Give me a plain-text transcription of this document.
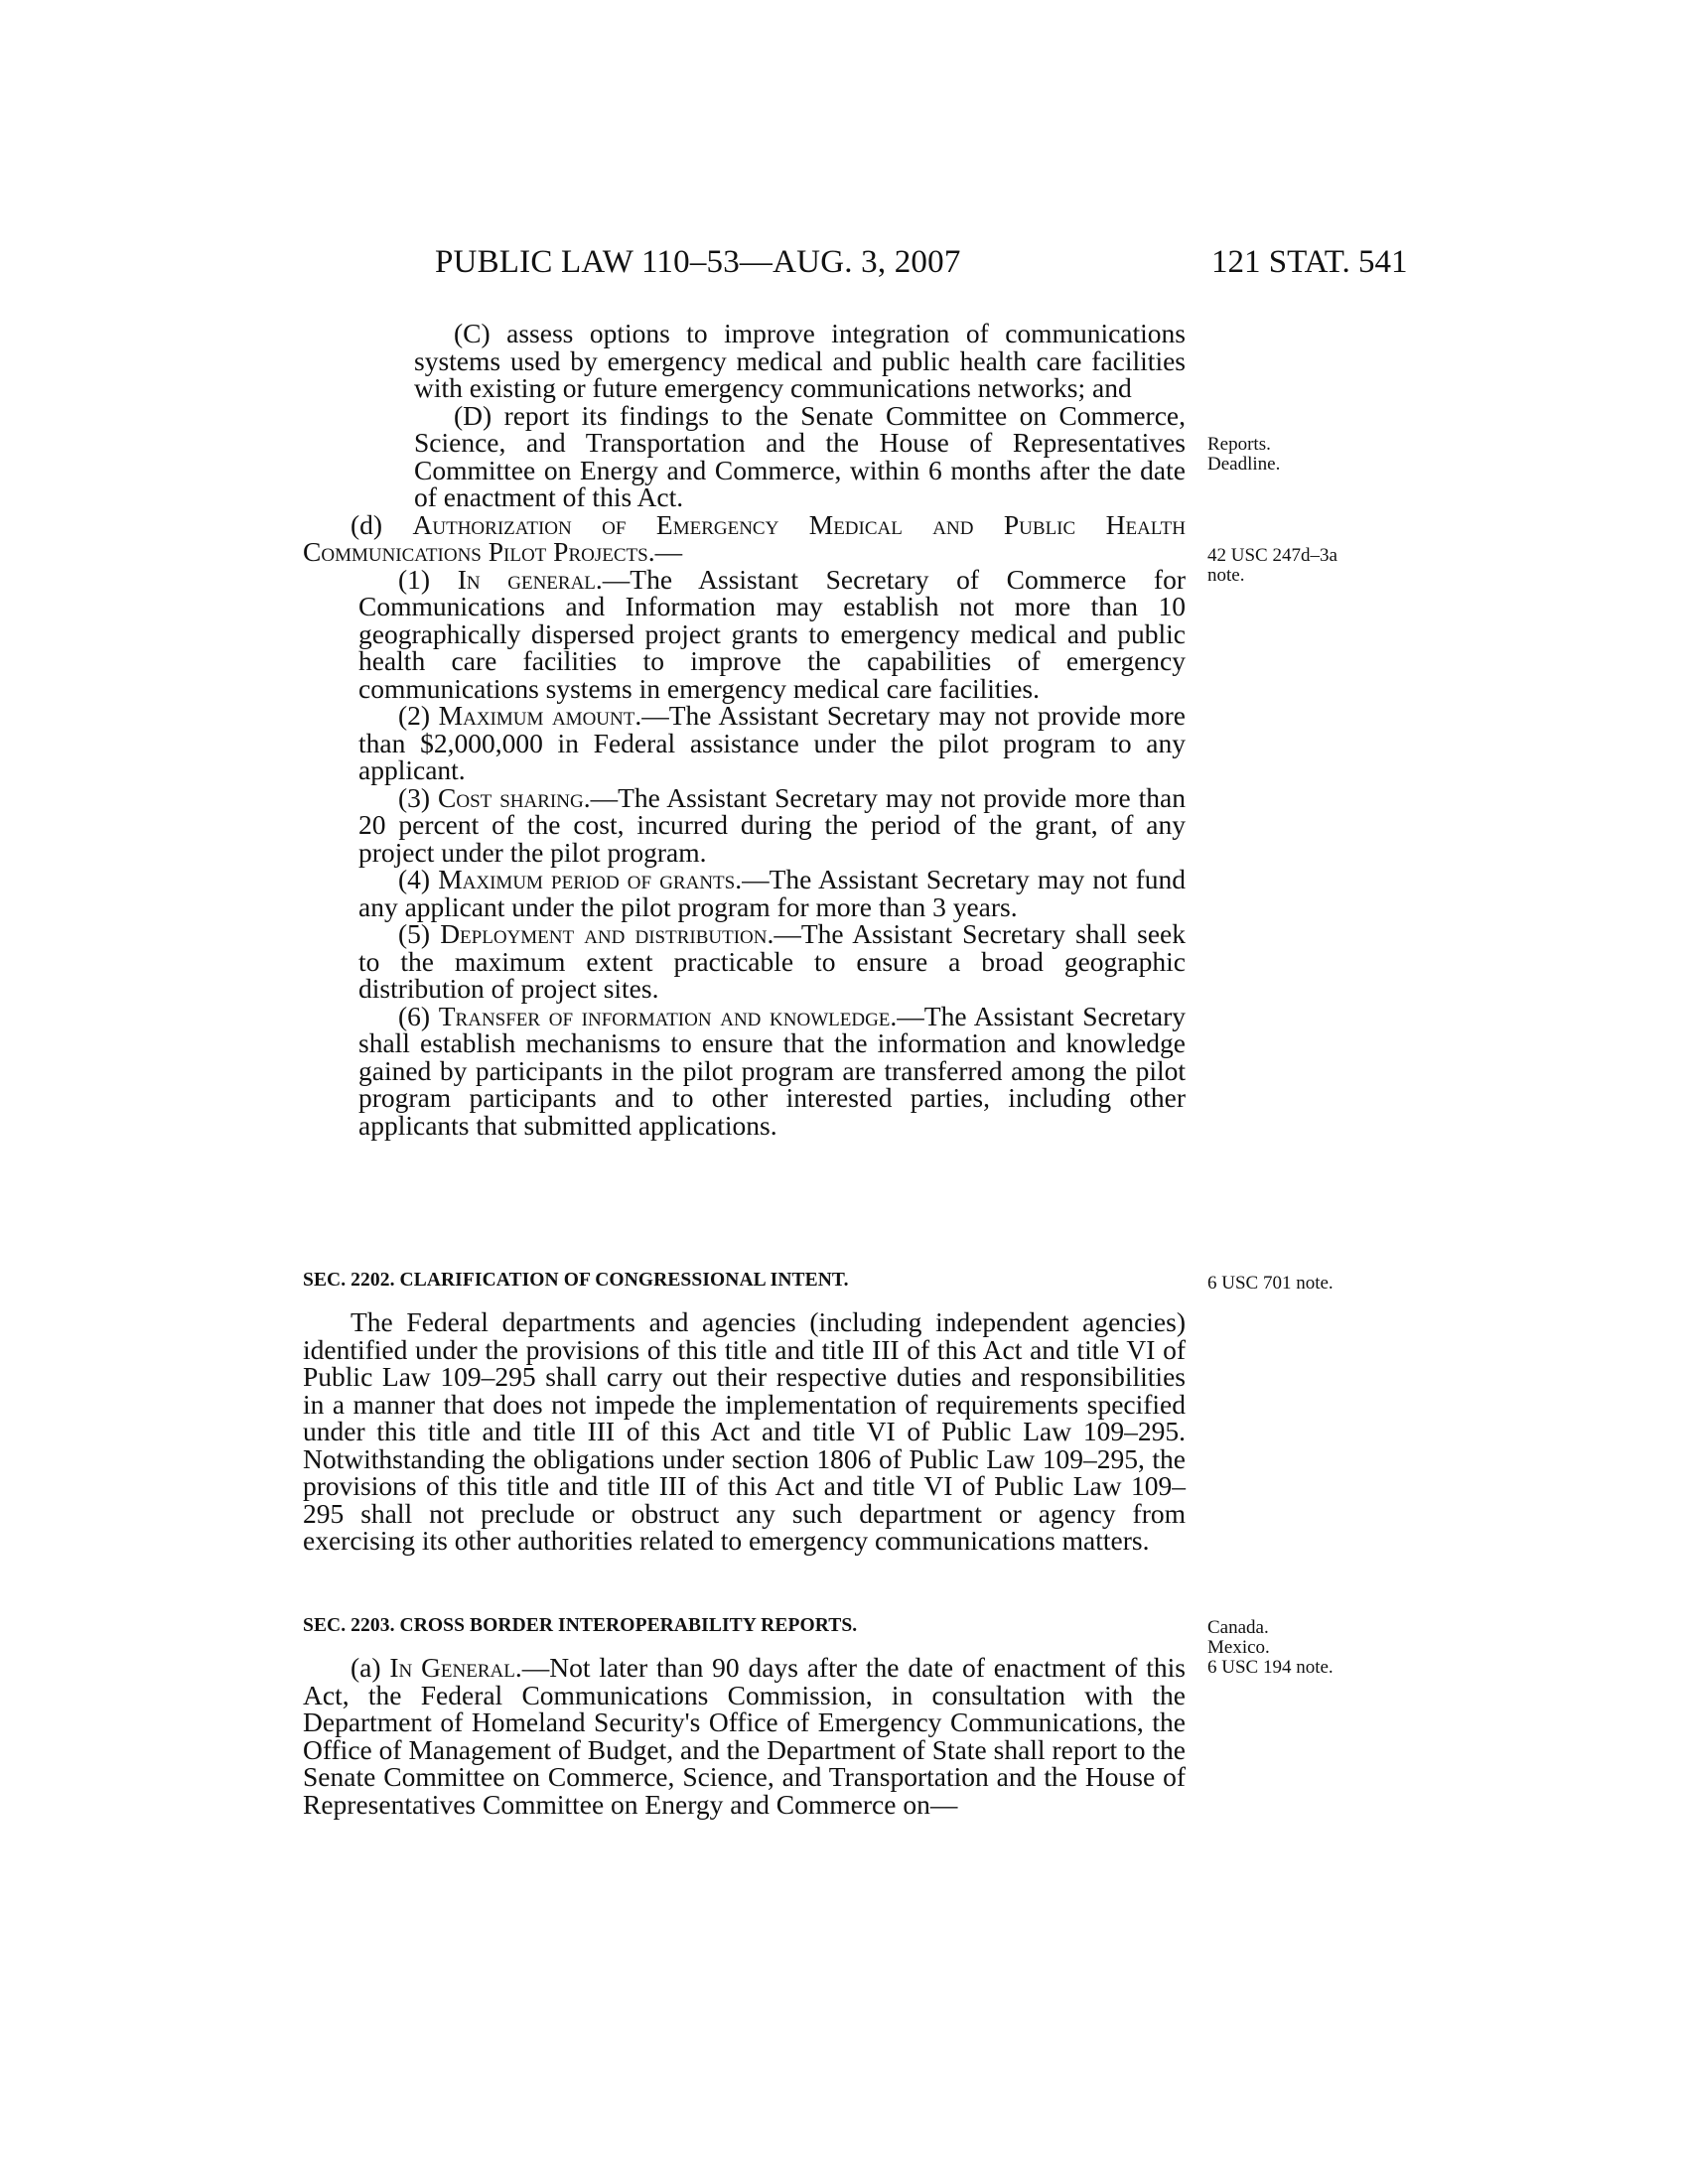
PUBLIC LAW 110–53—AUG. 3, 2007	121 STAT. 541

(C) assess options to improve integration of communications systems used by emergency medical and public health care facilities with existing or future emergency communications networks; and

(D) report its findings to the Senate Committee on Commerce, Science, and Transportation and the House of Representatives Committee on Energy and Commerce, within 6 months after the date of enactment of this Act.

(d) Authorization of Emergency Medical and Public Health Communications Pilot Projects.—

(1) In general.—The Assistant Secretary of Commerce for Communications and Information may establish not more than 10 geographically dispersed project grants to emergency medical and public health care facilities to improve the capabilities of emergency communications systems in emergency medical care facilities.

(2) Maximum amount.—The Assistant Secretary may not provide more than $2,000,000 in Federal assistance under the pilot program to any applicant.

(3) Cost sharing.—The Assistant Secretary may not provide more than 20 percent of the cost, incurred during the period of the grant, of any project under the pilot program.

(4) Maximum period of grants.—The Assistant Secretary may not fund any applicant under the pilot program for more than 3 years.

(5) Deployment and distribution.—The Assistant Secretary shall seek to the maximum extent practicable to ensure a broad geographic distribution of project sites.

(6) Transfer of information and knowledge.—The Assistant Secretary shall establish mechanisms to ensure that the information and knowledge gained by participants in the pilot program are transferred among the pilot program participants and to other interested parties, including other applicants that submitted applications.

SEC. 2202. CLARIFICATION OF CONGRESSIONAL INTENT.

The Federal departments and agencies (including independent agencies) identified under the provisions of this title and title III of this Act and title VI of Public Law 109–295 shall carry out their respective duties and responsibilities in a manner that does not impede the implementation of requirements specified under this title and title III of this Act and title VI of Public Law 109–295. Notwithstanding the obligations under section 1806 of Public Law 109–295, the provisions of this title and title III of this Act and title VI of Public Law 109–295 shall not preclude or obstruct any such department or agency from exercising its other authorities related to emergency communications matters.

SEC. 2203. CROSS BORDER INTEROPERABILITY REPORTS.

(a) In General.—Not later than 90 days after the date of enactment of this Act, the Federal Communications Commission, in consultation with the Department of Homeland Security's Office of Emergency Communications, the Office of Management of Budget, and the Department of State shall report to the Senate Committee on Commerce, Science, and Transportation and the House of Representatives Committee on Energy and Commerce on—

Reports.
Deadline.
42 USC 247d–3a
note.
6 USC 701 note.
Canada.
Mexico.
6 USC 194 note.
